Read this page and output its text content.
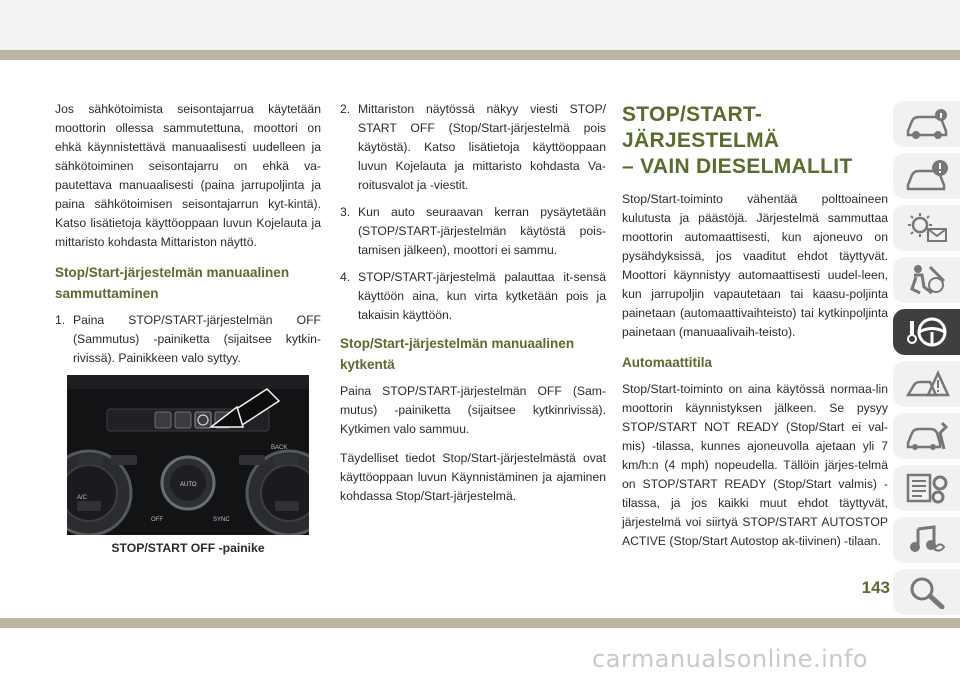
Jos sähkötoimista seisontajarrua käytetään moottorin ollessa sammutettuna, moottori on ehkä käynnistettävä manuaalisesti uudelleen ja sähkötoiminen seisontajarru on ehkä va-pautettava manuaalisesti (paina jarrupoljinta ja paina sähkötoimisen seisontajarrun kyt-kintä). Katso lisätietoja käyttöoppaan luvun Kojelauta ja mittaristo kohdasta Mittariston näyttö.

Stop/Start-järjestelmän manuaalinen sammuttaminen
1. Paina STOP/START-järjestelmän OFF (Sammutus) -painiketta (sijaitsee kytkin-rivissä). Painikkeen valo syttyy.
BACK
A/C
AUTO
OFF	SYNC
STOP/START OFF -painike
2. Mittariston näytössä näkyy viesti STOP/ START OFF (Stop/Start-järjestelmä pois käytöstä). Katso lisätietoja käyttöoppaan luvun Kojelauta ja mittaristo kohdasta Va-roitusvalot ja -viestit.
3. Kun auto seuraavan kerran pysäytetään (STOP/START-järjestelmän käytöstä pois-tamisen jälkeen), moottori ei sammu.
4. STOP/START-järjestelmä palauttaa it-sensä käyttöön aina, kun virta kytketään pois ja takaisin käyttöön.
Stop/Start-järjestelmän manuaalinen kytkentä

Paina STOP/START-järjestelmän OFF (Sam-mutus) -painiketta (sijaitsee kytkinrivissä). Kytkimen valo sammuu.

Täydelliset tiedot Stop/Start-järjestelmästä ovat käyttöoppaan luvun Käynnistäminen ja ajaminen kohdassa Stop/Start-järjestelmä.

STOP/START-JÄRJESTELMÄ
– VAIN DIESELMALLIT

Stop/Start-toiminto vähentää polttoaineen kulutusta ja päästöjä. Järjestelmä sammuttaa moottorin automaattisesti, kun ajoneuvo on pysähdyksissä, jos vaaditut ehdot täyttyvät. Moottori käynnistyy automaattisesti uudel-leen, kun jarrupoljin vapautetaan tai kaasu-poljinta painetaan (automaattivaihteisto) tai kytkinpoljinta painetaan (manuaalivaih-teisto).

Automaattitila

Stop/Start-toiminto on aina käytössä normaa-lin moottorin käynnistyksen jälkeen. Se pysyy STOP/START NOT READY (Stop/Start ei val-mis) -tilassa, kunnes ajoneuvolla ajetaan yli 7 km/h:n (4 mph) nopeudella. Tällöin järjes-telmä on STOP/START READY (Stop/Start valmis) -tilassa, ja jos kaikki muut ehdot täyttyvät, järjestelmä voi siirtyä STOP/START AUTOSTOP ACTIVE (Stop/Start Autostop ak-tiivinen) -tilaan.

143
carmanualsonline.info
